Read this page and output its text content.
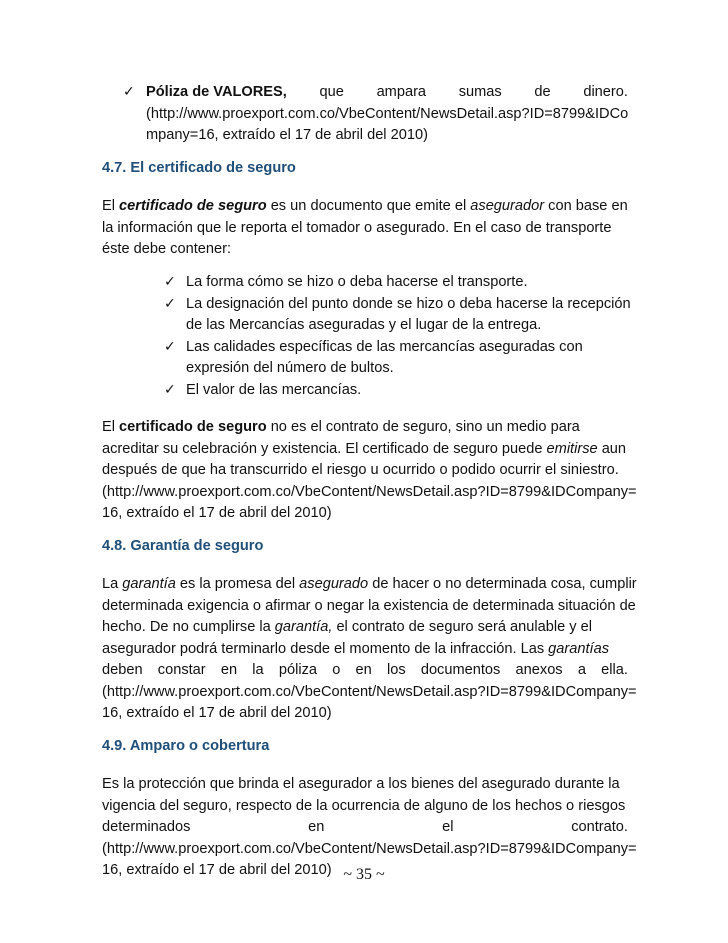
✓ Póliza de VALORES, que ampara sumas de dinero.
(http://www.proexport.com.co/VbeContent/NewsDetail.asp?ID=8799&IDCo
mpany=16, extraído el 17 de abril del 2010)
4.7. El certificado de seguro
El certificado de seguro es un documento que emite el asegurador con base en
la información que le reporta el tomador o asegurado. En el caso de transporte
éste debe contener:
✓ La forma cómo se hizo o deba hacerse el transporte.
✓ La designación del punto donde se hizo o deba hacerse la recepción
de las Mercancías aseguradas y el lugar de la entrega.
✓ Las calidades específicas de las mercancías aseguradas con
expresión del número de bultos.
✓ El valor de las mercancías.
El certificado de seguro no es el contrato de seguro, sino un medio para
acreditar su celebración y existencia. El certificado de seguro puede emitirse aun
después de que ha transcurrido el riesgo u ocurrido o podido ocurrir el siniestro.
(http://www.proexport.com.co/VbeContent/NewsDetail.asp?ID=8799&IDCompany=
16, extraído el 17 de abril del 2010)
4.8. Garantía de seguro
La garantía es la promesa del asegurado de hacer o no determinada cosa, cumplir
determinada exigencia o afirmar o negar la existencia de determinada situación de
hecho. De no cumplirse la garantía, el contrato de seguro será anulable y el
asegurador podrá terminarlo desde el momento de la infracción. Las garantías
deben constar en la póliza o en los documentos anexos a ella.
(http://www.proexport.com.co/VbeContent/NewsDetail.asp?ID=8799&IDCompany=
16, extraído el 17 de abril del 2010)
4.9. Amparo o cobertura
Es la protección que brinda el asegurador a los bienes del asegurado durante la
vigencia del seguro, respecto de la ocurrencia de alguno de los hechos o riesgos
determinados	en	el	contrato.
(http://www.proexport.com.co/VbeContent/NewsDetail.asp?ID=8799&IDCompany=
16, extraído el 17 de abril del 2010) ~ 35 ~
